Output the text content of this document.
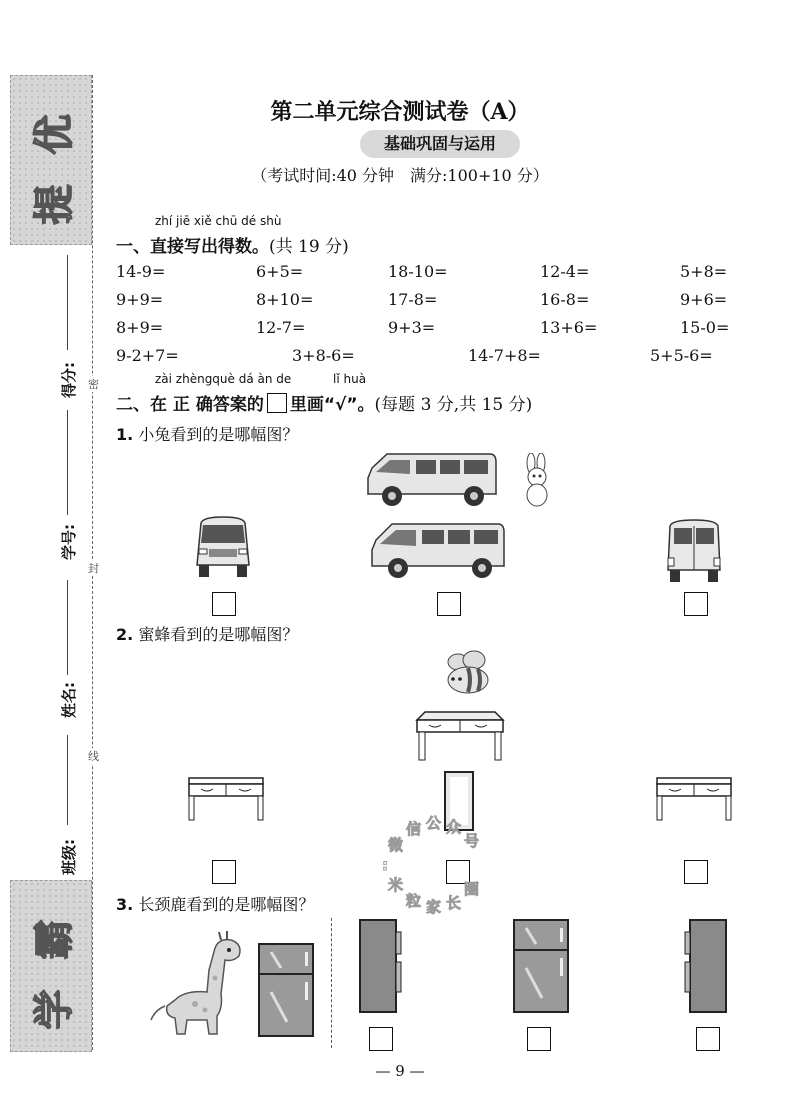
提
优
学
霸
得分:
学号:
姓名:
班级:
密
封
线
第二单元综合测试卷（A）
基础巩固与运用
（考试时间:40 分钟　满分:100+10 分）
zhí jiē xiě chū dé shù
一、直接写出得数。(共 19 分)
14-9=	6+5=	18-10=	12-4=	5+8=
9+9=	8+10=	17-8=	16-8=	9+6=
8+9=	12-7=	9+3=	13+6=	15-0=
9-2+7=	3+8-6=	14-7+8=	5+5-6=
zài zhèngquè dá àn de	lǐ huà
二、在 正 确答案的 里画“√”。(每题 3 分,共 15 分)
1. 小兔看到的是哪幅图？
2. 蜜蜂看到的是哪幅图？
微
信 公 众
号
:
米
粒 家 长
圈
3. 长颈鹿看到的是哪幅图？
— 9 —
